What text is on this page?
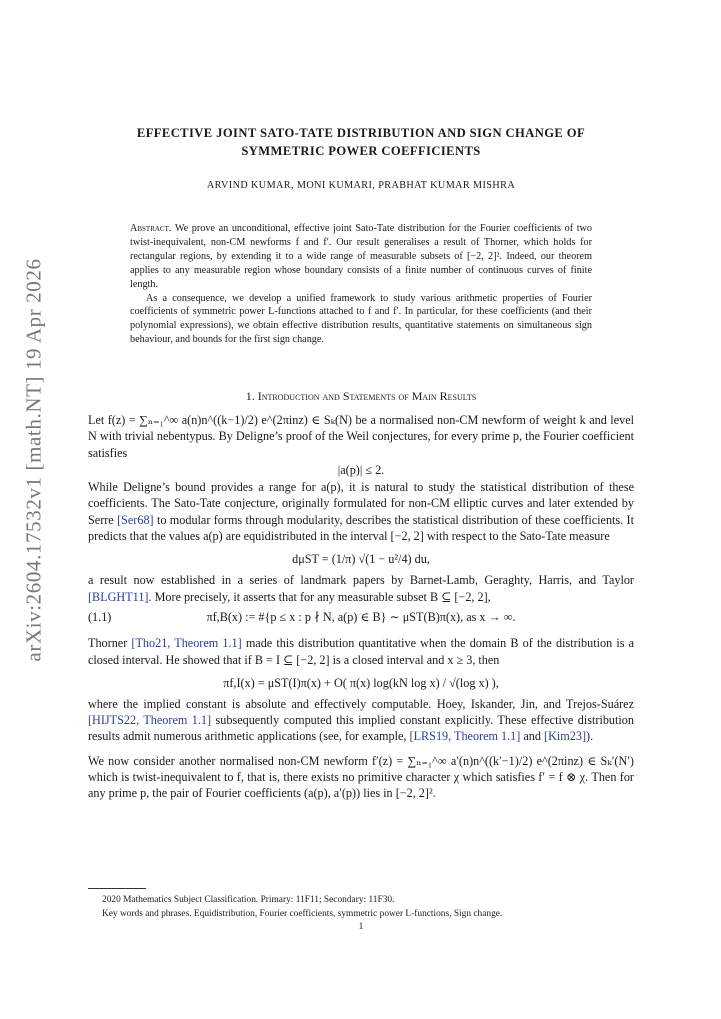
arXiv:2604.17532v1 [math.NT] 19 Apr 2026
EFFECTIVE JOINT SATO-TATE DISTRIBUTION AND SIGN CHANGE OF
SYMMETRIC POWER COEFFICIENTS
ARVIND KUMAR, MONI KUMARI, PRABHAT KUMAR MISHRA

Abstract. We prove an unconditional, effective joint Sato-Tate distribution for the Fourier coefficients of two twist-inequivalent, non-CM newforms f and f′. Our result generalises a result of Thorner, which holds for rectangular regions, by extending it to a wide range of measurable subsets of [−2, 2]². Indeed, our theorem applies to any measurable region whose boundary consists of a finite number of continuous curves of finite length.

As a consequence, we develop a unified framework to study various arithmetic properties of Fourier coefficients of symmetric power L-functions attached to f and f′. In particular, for these coefficients (and their polynomial expressions), we obtain effective distribution results, quantitative statements on simultaneous sign behaviour, and bounds for the first sign change.

1. Introduction and Statements of Main Results

Let f(z) = ∑ₙ₌₁^∞ a(n)n^((k−1)/2) e^(2πinz) ∈ Sₖ(N) be a normalised non-CM newform of weight k and level N with trivial nebentypus. By Deligne’s proof of the Weil conjectures, for every prime p, the Fourier coefficient satisfies

|a(p)| ≤ 2.

While Deligne’s bound provides a range for a(p), it is natural to study the statistical distribution of these coefficients. The Sato-Tate conjecture, originally formulated for non-CM elliptic curves and later extended by Serre [Ser68] to modular forms through modularity, describes the statistical distribution of these coefficients. It predicts that the values a(p) are equidistributed in the interval [−2, 2] with respect to the Sato-Tate measure

dμST = (1/π) √(1 − u²/4) du,

a result now established in a series of landmark papers by Barnet-Lamb, Geraghty, Harris, and Taylor [BLGHT11]. More precisely, it asserts that for any measurable subset B ⊆ [−2, 2],

(1.1)	πf,B(x) := #{p ≤ x : p ∤ N, a(p) ∈ B} ∼ μST(B)π(x), as x → ∞.

Thorner [Tho21, Theorem 1.1] made this distribution quantitative when the domain B of the distribution is a closed interval. He showed that if B = I ⊆ [−2, 2] is a closed interval and x ≥ 3, then

πf,I(x) = μST(I)π(x) + O( π(x) log(kN log x) / √(log x) ),

where the implied constant is absolute and effectively computable. Hoey, Iskander, Jin, and Trejos-Suárez [HIJTS22, Theorem 1.1] subsequently computed this implied constant explicitly. These effective distribution results admit numerous arithmetic applications (see, for example, [LRS19, Theorem 1.1] and [Kim23]).

We now consider another normalised non-CM newform f′(z) = ∑ₙ₌₁^∞ a′(n)n^((k′−1)/2) e^(2πinz) ∈ Sₖ′(N′) which is twist-inequivalent to f, that is, there exists no primitive character χ which satisfies f′ = f ⊗ χ. Then for any prime p, the pair of Fourier coefficients (a(p), a′(p)) lies in [−2, 2]².

2020 Mathematics Subject Classification. Primary: 11F11; Secondary: 11F30.

Key words and phrases. Equidistribution, Fourier coefficients, symmetric power L-functions, Sign change.

1
